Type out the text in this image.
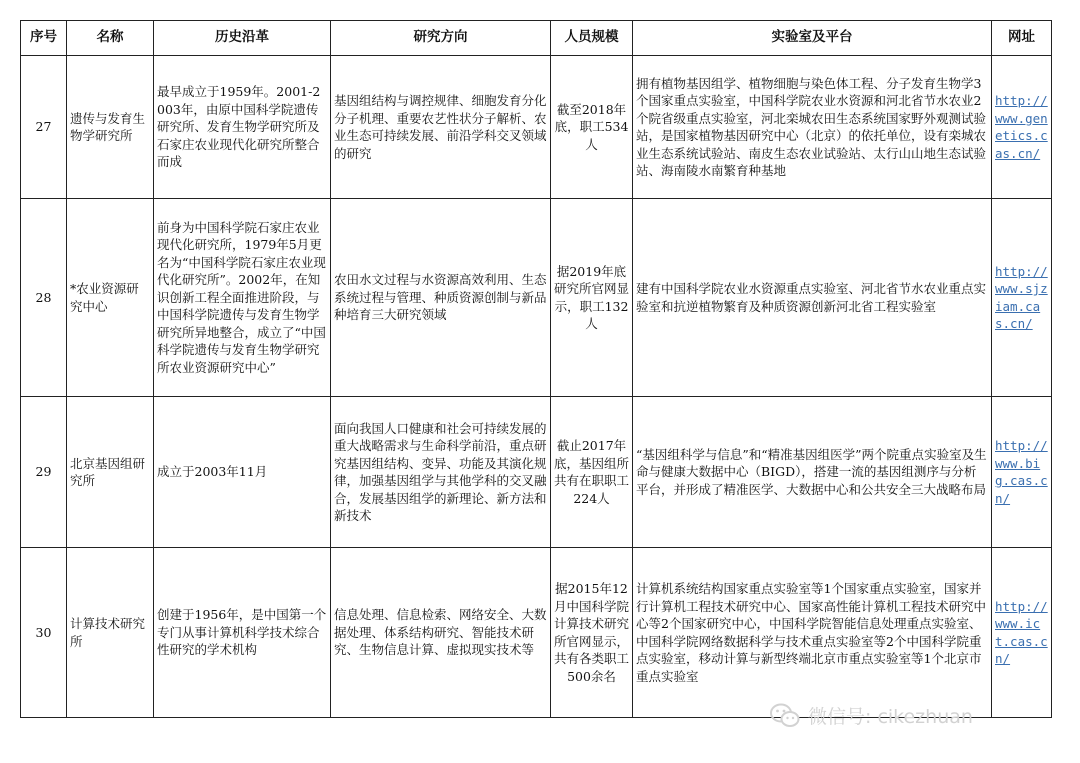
序号	名称	历史沿革	研究方向	人员规模	实验室及平台	网址
27	遗传与发育生物学研究所	最早成立于1959年。2001-2003年，由原中国科学院遗传研究所、发育生物学研究所及石家庄农业现代化研究所整合而成	基因组结构与调控规律、细胞发育分化分子机理、重要农艺性状分子解析、农业生态可持续发展、前沿学科交叉领域的研究	截至2018年底，职工534人	拥有植物基因组学、植物细胞与染色体工程、分子发育生物学3个国家重点实验室，中国科学院农业水资源和河北省节水农业2个院省级重点实验室，河北栾城农田生态系统国家野外观测试验站，是国家植物基因研究中心（北京）的依托单位，设有栾城农业生态系统试验站、南皮生态农业试验站、太行山山地生态试验站、海南陵水南繁育种基地	http://www.genetics.cas.cn/
28	*农业资源研究中心	前身为中国科学院石家庄农业现代化研究所，1979年5月更名为“中国科学院石家庄农业现代化研究所”。2002年，在知识创新工程全面推进阶段，与中国科学院遗传与发育生物学研究所异地整合，成立了“中国科学院遗传与发育生物学研究所农业资源研究中心”	农田水文过程与水资源高效利用、生态系统过程与管理、种质资源创制与新品种培育三大研究领域	据2019年底研究所官网显示，职工132人	建有中国科学院农业水资源重点实验室、河北省节水农业重点实验室和抗逆植物繁育及种质资源创新河北省工程实验室	http://www.sjziam.cas.cn/
29	北京基因组研究所	成立于2003年11月	面向我国人口健康和社会可持续发展的重大战略需求与生命科学前沿，重点研究基因组结构、变异、功能及其演化规律，加强基因组学与其他学科的交叉融合，发展基因组学的新理论、新方法和新技术	截止2017年底，基因组所共有在职职工224人	“基因组科学与信息”和“精准基因组医学”两个院重点实验室及生命与健康大数据中心（BIGD），搭建一流的基因组测序与分析平台，并形成了精准医学、大数据中心和公共安全三大战略布局	http://www.big.cas.cn/
30	计算技术研究所	创建于1956年，是中国第一个专门从事计算机科学技术综合性研究的学术机构	信息处理、信息检索、网络安全、大数据处理、体系结构研究、智能技术研究、生物信息计算、虚拟现实技术等	据2015年12月中国科学院计算技术研究所官网显示，共有各类职工500余名	计算机系统结构国家重点实验室等1个国家重点实验室，国家并行计算机工程技术研究中心、国家高性能计算机工程技术研究中心等2个国家研究中心，中国科学院智能信息处理重点实验室、中国科学院网络数据科学与技术重点实验室等2个中国科学院重点实验室，移动计算与新型终端北京市重点实验室等1个北京市重点实验室	http://www.ict.cas.cn/
微信号: cikezhuan
